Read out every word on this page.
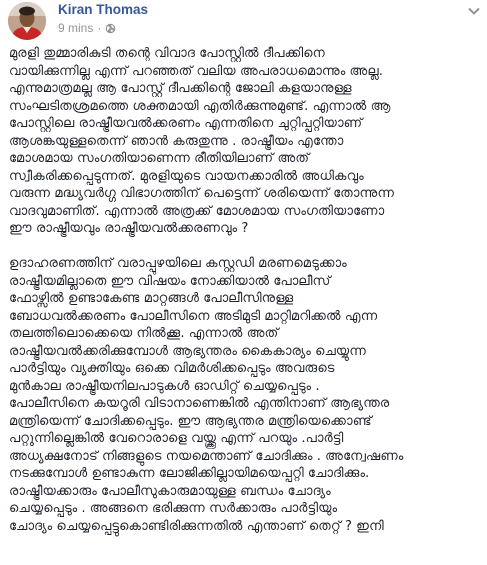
Kiran Thomas
9 mins ·
മുരളി തുമ്മാരികുടി തന്റെ വിവാദ പോസ്റ്റിൽ ദീപക്കിനെ
വായിക്കുന്നില്ല എന്ന് പറഞ്ഞത് വലിയ അപരാധമൊന്നും അല്ല.
എന്നുമാത്രമല്ല ആ പോസ്റ്റ് ദീപക്കിന്റെ ജോലി കളയാനുള്ള
സംഘടിതശ്രമത്തെ ശക്തമായി എതിർക്കുന്നുമുണ്ട്. എന്നാൽ ആ
പോസ്റ്റിലെ രാഷ്ട്രീയവൽക്കരണം എന്നതിനെ ചുറ്റിപ്പറ്റിയാണ്
ആശങ്കയുള്ളതെന്ന് ഞാൻ കരുതുന്നു . രാഷ്ട്രീയം എന്തോ
മോശമായ സംഗതിയാണെന്ന രീതിയിലാണ് അത്
സ്വീകരിക്കപ്പെടുന്നത്. മുരളിയുടെ വായനക്കാരിൽ അധികവും
വരുന്ന മദ്ധ്യവർഗ്ഗ വിഭാഗത്തിന് പെട്ടെന്ന് ശരിയെന്ന് തോന്നുന്ന
വാദവുമാണിത്. എന്നാൽ അത്രക്ക് മോശമായ സംഗതിയാണോ
ഈ രാഷ്ട്രീയവും രാഷ്ട്രീയവൽക്കരണവും ?
ഉദാഹരണത്തിന് വരാപ്പുഴയിലെ കസ്റ്റഡി മരണമെടുക്കാം
രാഷ്ട്രീയമില്ലാതെ ഈ വിഷയം നോക്കിയാൽ പോലീസ്
ഫോഴ്സിൽ ഉണ്ടാകേണ്ട മാറ്റങ്ങൾ പോലീസിനുള്ള
ബോധവൽക്കരണം പോലീസിനെ അടിമുടി മാറ്റിമറിക്കൽ എന്ന
തലത്തിലൊക്കെയെ നിൽക്കൂ. എന്നാൽ അത്
രാഷ്ട്രീയവൽക്കരിക്കുമ്പോൾ ആഭ്യന്തരം കൈകാര്യം ചെയ്യുന്ന
പാർട്ടിയും വ്യക്തിയും ഒക്കെ വിമർശിക്കപ്പെടും അവരുടെ
മുൻകാല രാഷ്ട്രീയനിലപാടുകൾ ഓഡിറ്റ് ചെയ്യപ്പെടും .
പോലീസിനെ കയറൂരി വിടാനാണെങ്കിൽ എന്തിനാണ് ആഭ്യന്തര
മന്ത്രിയെന്ന് ചോദിക്കപ്പെടും. ഈ ആഭ്യന്തര മന്ത്രിയെക്കൊണ്ട്
പറ്റുന്നില്ലെങ്കിൽ വേറൊരാളെ വയ്ക്കൂ എന്ന് പറയും .പാർട്ടി
അധ്യക്ഷനോട് നിങ്ങളുടെ നയമെന്താണ് ചോദിക്കും . അന്വേഷണം
നടക്കുമ്പോൾ ഉണ്ടാകുന്ന ലോജിക്കില്ലായിമയെപ്പറ്റി ചോദിക്കും.
രാഷ്ട്രീയക്കാരും പോലീസുകാരുമായുള്ള ബന്ധം ചോദ്യം
ചെയ്യപ്പെടും . അങ്ങനെ ഭരിക്കുന്ന സർക്കാരും പാർട്ടിയും
ചോദ്യം ചെയ്യപ്പെട്ടുകൊണ്ടിരിക്കുന്നതിൽ എന്താണ് തെറ്റ് ? ഇനി
